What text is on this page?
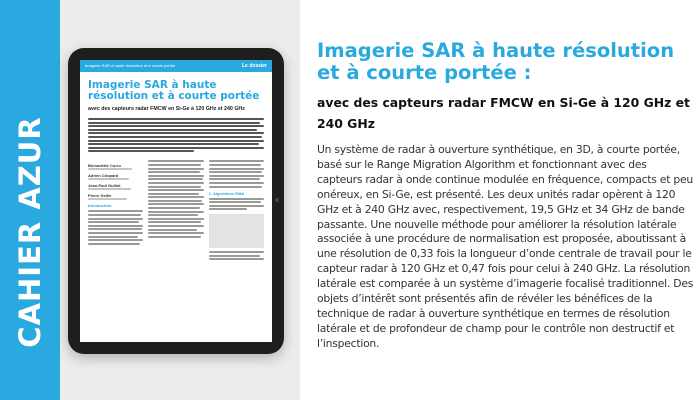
CAHIER AZUR
Imagerie SAR à haute résolution et à courte portée	Le dossier
Imagerie SAR à haute résolution et à courte portée
avec des capteurs radar FMCW en Si-Ge à 120 GHz et 240 GHz
Bernadette Curro
Adrien Chopard
Jean-Paul Guillet
Pierre Gellie
Introduction
1. Algorithme RMA
Imagerie SAR à haute résolution et à courte portée :
avec des capteurs radar FMCW en Si-Ge à 120 GHz et 240 GHz
Un système de radar à ouverture synthétique, en 3D, à courte portée, basé sur le Range Migration Algorithm et fonctionnant avec des capteurs radar à onde continue modulée en fréquence, compacts et peu onéreux, en Si-Ge, est présenté. Les deux unités radar opèrent à 120 GHz et à 240 GHz avec, respectivement, 19,5 GHz et 34 GHz de bande passante. Une nouvelle méthode pour améliorer la résolution latérale associée à une procédure de normalisation est proposée, aboutissant à une résolution de 0,33 fois la longueur d’onde centrale de travail pour le capteur radar à 120 GHz et 0,47 fois pour celui à 240 GHz. La résolution latérale est comparée à un système d’imagerie focalisé traditionnel. Des objets d’intérêt sont présentés afin de révéler les bénéfices de la technique de radar à ouverture synthétique en termes de résolution latérale et de profondeur de champ pour le contrôle non destructif et l’inspection.
